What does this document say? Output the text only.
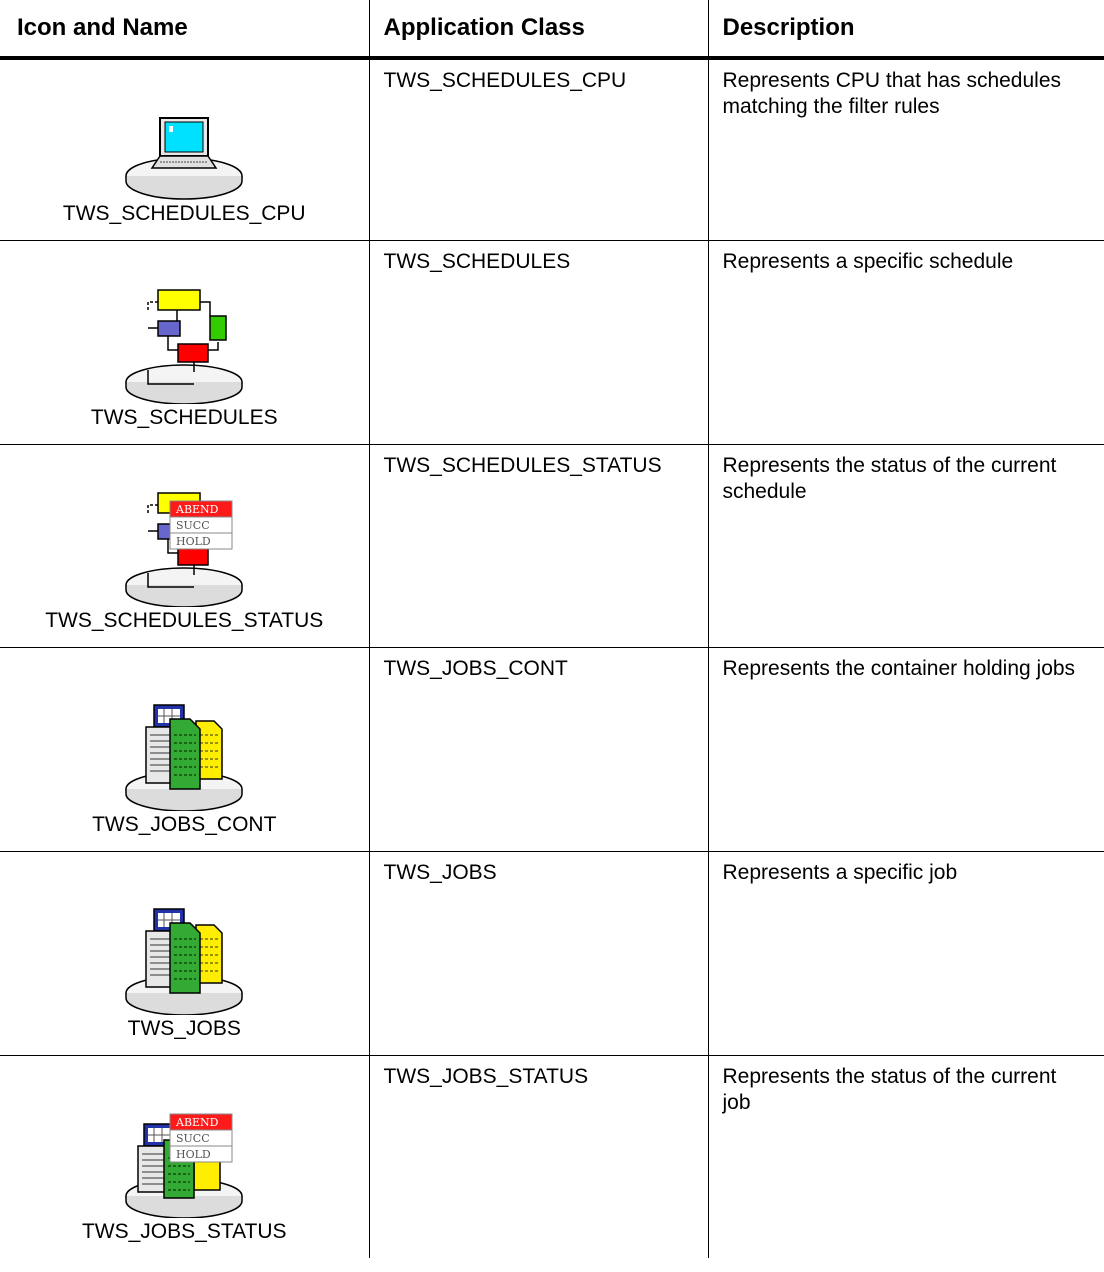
Icon and Name	Application Class	Description

TWS_SCHEDULES_CPU	TWS_SCHEDULES_CPU	Represents CPU that has schedules matching the filter rules

TWS_SCHEDULES	TWS_SCHEDULES	Represents a specific schedule

ABEND
SUCC
HOLD
TWS_SCHEDULES_STATUS	TWS_SCHEDULES_STATUS	Represents the status of the current schedule

TWS_JOBS_CONT	TWS_JOBS_CONT	Represents the container holding jobs

TWS_JOBS	TWS_JOBS	Represents a specific job

ABEND
SUCC
HOLD
TWS_JOBS_STATUS	TWS_JOBS_STATUS	Represents the status of the current job
